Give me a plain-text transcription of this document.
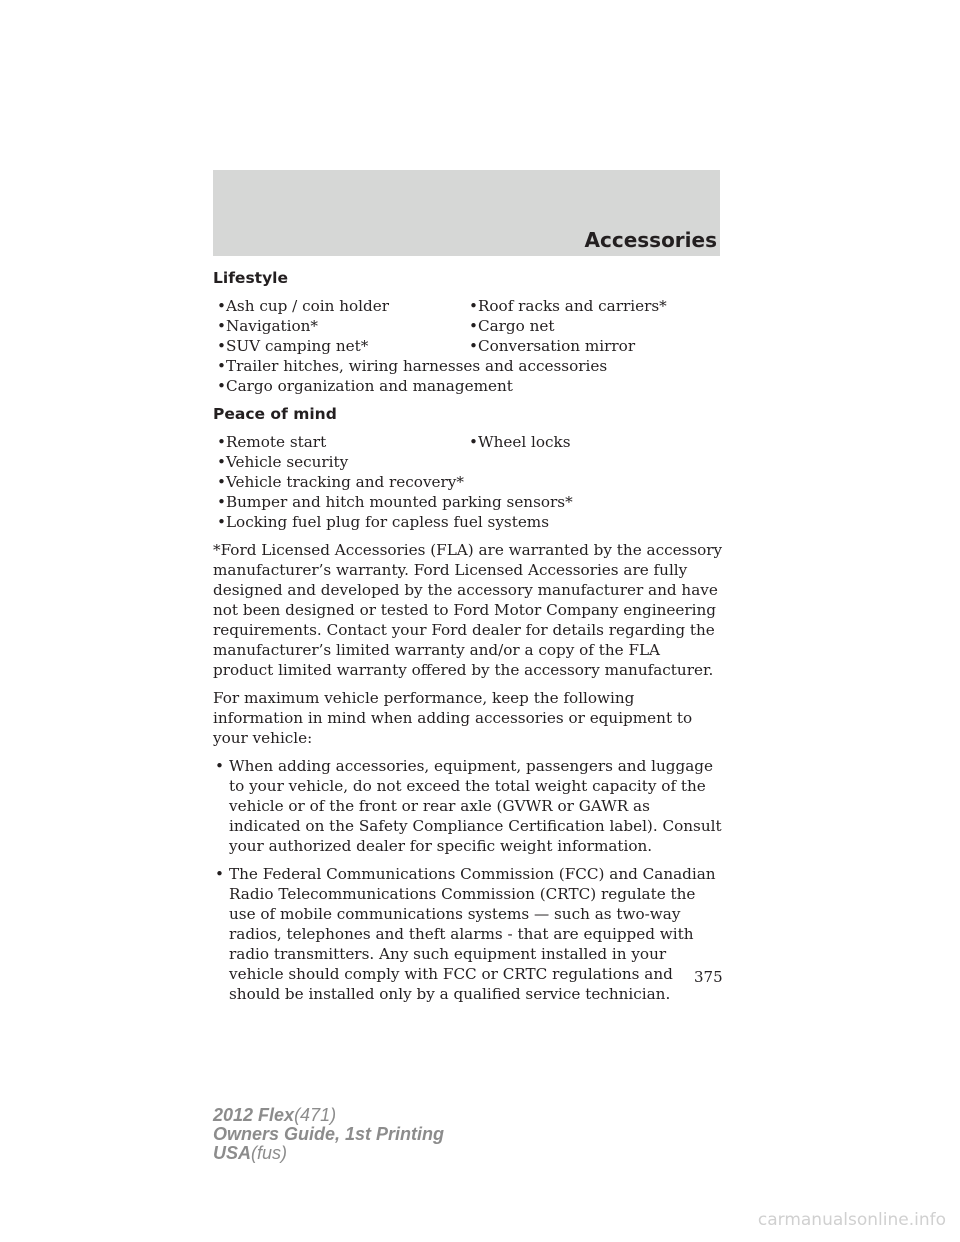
Accessories
Lifestyle
•Ash cup / coin holder	•Roof racks and carriers*
•Navigation*	•Cargo net
•SUV camping net*	•Conversation mirror
•Trailer hitches, wiring harnesses and accessories
•Cargo organization and management
Peace of mind
•Remote start	•Wheel locks
•Vehicle security
•Vehicle tracking and recovery*
•Bumper and hitch mounted parking sensors*
•Locking fuel plug for capless fuel systems

*Ford Licensed Accessories (FLA) are warranted by the accessory manufacturer’s warranty. Ford Licensed Accessories are fully designed and developed by the accessory manufacturer and have not been designed or tested to Ford Motor Company engineering requirements. Contact your Ford dealer for details regarding the manufacturer’s limited warranty and/or a copy of the FLA product limited warranty offered by the accessory manufacturer.

For maximum vehicle performance, keep the following information in mind when adding accessories or equipment to your vehicle:

• When adding accessories, equipment, passengers and luggage to your vehicle, do not exceed the total weight capacity of the vehicle or of the front or rear axle (GVWR or GAWR as indicated on the Safety Compliance Certification label). Consult your authorized dealer for specific weight information.
• The Federal Communications Commission (FCC) and Canadian Radio Telecommunications Commission (CRTC) regulate the use of mobile communications systems — such as two-way radios, telephones and theft alarms - that are equipped with radio transmitters. Any such equipment installed in your vehicle should comply with FCC or CRTC regulations and should be installed only by a qualified service technician.
375
2012 Flex(471)
Owners Guide, 1st Printing
USA(fus)
carmanualsonline.info
